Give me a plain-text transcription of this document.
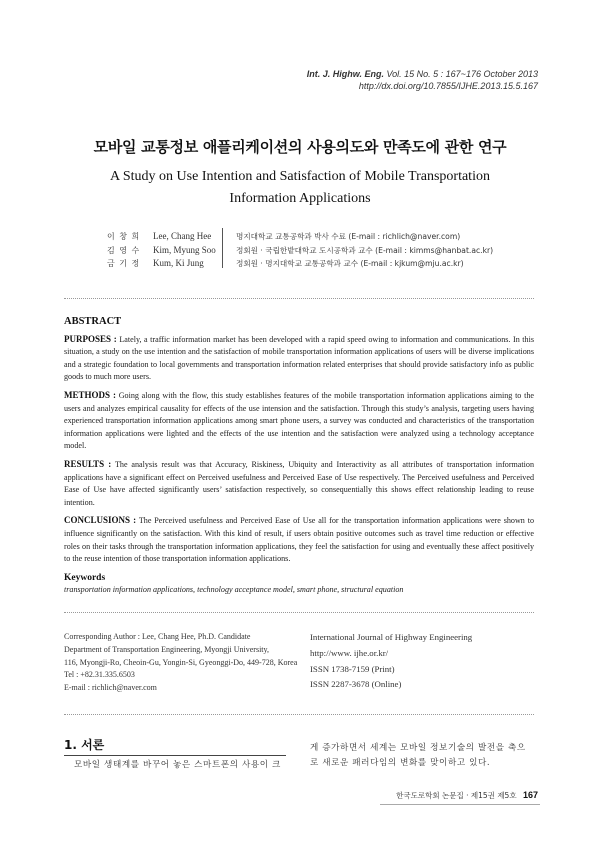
Int. J. Highw. Eng. Vol. 15 No. 5 : 167~176 October 2013
http://dx.doi.org/10.7855/IJHE.2013.15.5.167
모바일 교통정보 애플리케이션의 사용의도와 만족도에 관한 연구
A Study on Use Intention and Satisfaction of Mobile Transportation
Information Applications
이 창 희
김 영 수
금 기 정
Lee, Chang Hee
Kim, Myung Soo
Kum, Ki Jung
명지대학교 교통공학과 박사 수료 (E-mail : richlich@naver.com)
정회원 · 국립한밭대학교 도시공학과 교수 (E-mail : kimms@hanbat.ac.kr)
정회원 · 명지대학교 교통공학과 교수 (E-mail : kjkum@mju.ac.kr)
ABSTRACT

PURPOSES : Lately, a traffic information market has been developed with a rapid speed owing to information and communications. In this situation, a study on the use intention and the satisfaction of mobile transportation information applications of users will be diverse implications and a strategic foundation to local governments and transportation information related enterprises that should provide satisfactory info as public goods to much more users.

METHODS : Going along with the flow, this study establishes features of the mobile transportation information applications aiming to the users and analyzes empirical causality for effects of the use intension and the satisfaction. Through this study’s analysis, targeting users having experienced transportation information applications among smart phone users, a survey was conducted and characteristics of the transportation information applications were lighted and the effects of the use intention and the satisfaction were analyzed using a technology acceptance model.

RESULTS : The analysis result was that Accuracy, Riskiness, Ubiquity and Interactivity as all attributes of transportation information applications have a significant effect on Perceived usefulness and Perceived Ease of Use respectively. The Perceived usefulness and Perceived Ease of Use have affected significantly users’ satisfaction respectively, so consequentially this shows effect relationship leading to reuse intention.

CONCLUSIONS : The Perceived usefulness and Perceived Ease of Use all for the transportation information applications were shown to influence significantly on the satisfaction. With this kind of result, if users obtain positive outcomes such as travel time reduction or effective roles on their tasks through the transportation information applications, they feel the satisfaction for using and eventually these affect positively to the reuse intention of those transportation information applications.

Keywords
transportation information applications, technology acceptance model, smart phone, structural equation
Corresponding Author : Lee, Chang Hee, Ph.D. Candidate
Department of Transportation Engineering, Myongji University,
116, Myongji-Ro, Cheoin-Gu, Yongin-Si, Gyeonggi-Do, 449-728, Korea
Tel : +82.31.335.6503
E-mail : richlich@naver.com
International Journal of Highway Engineering
http://www. ijhe.or.kr/
ISSN 1738-7159 (Print)
ISSN 2287-3678 (Online)
1. 서론
모바일 생태계를 바꾸어 놓은 스마트폰의 사용이 크
게 증가하면서 세계는 모바일 정보기술의 발전을 축으
로 새로운 패러다임의 변화를 맞이하고 있다.
한국도로학회 논문집 · 제15권 제5호 167
